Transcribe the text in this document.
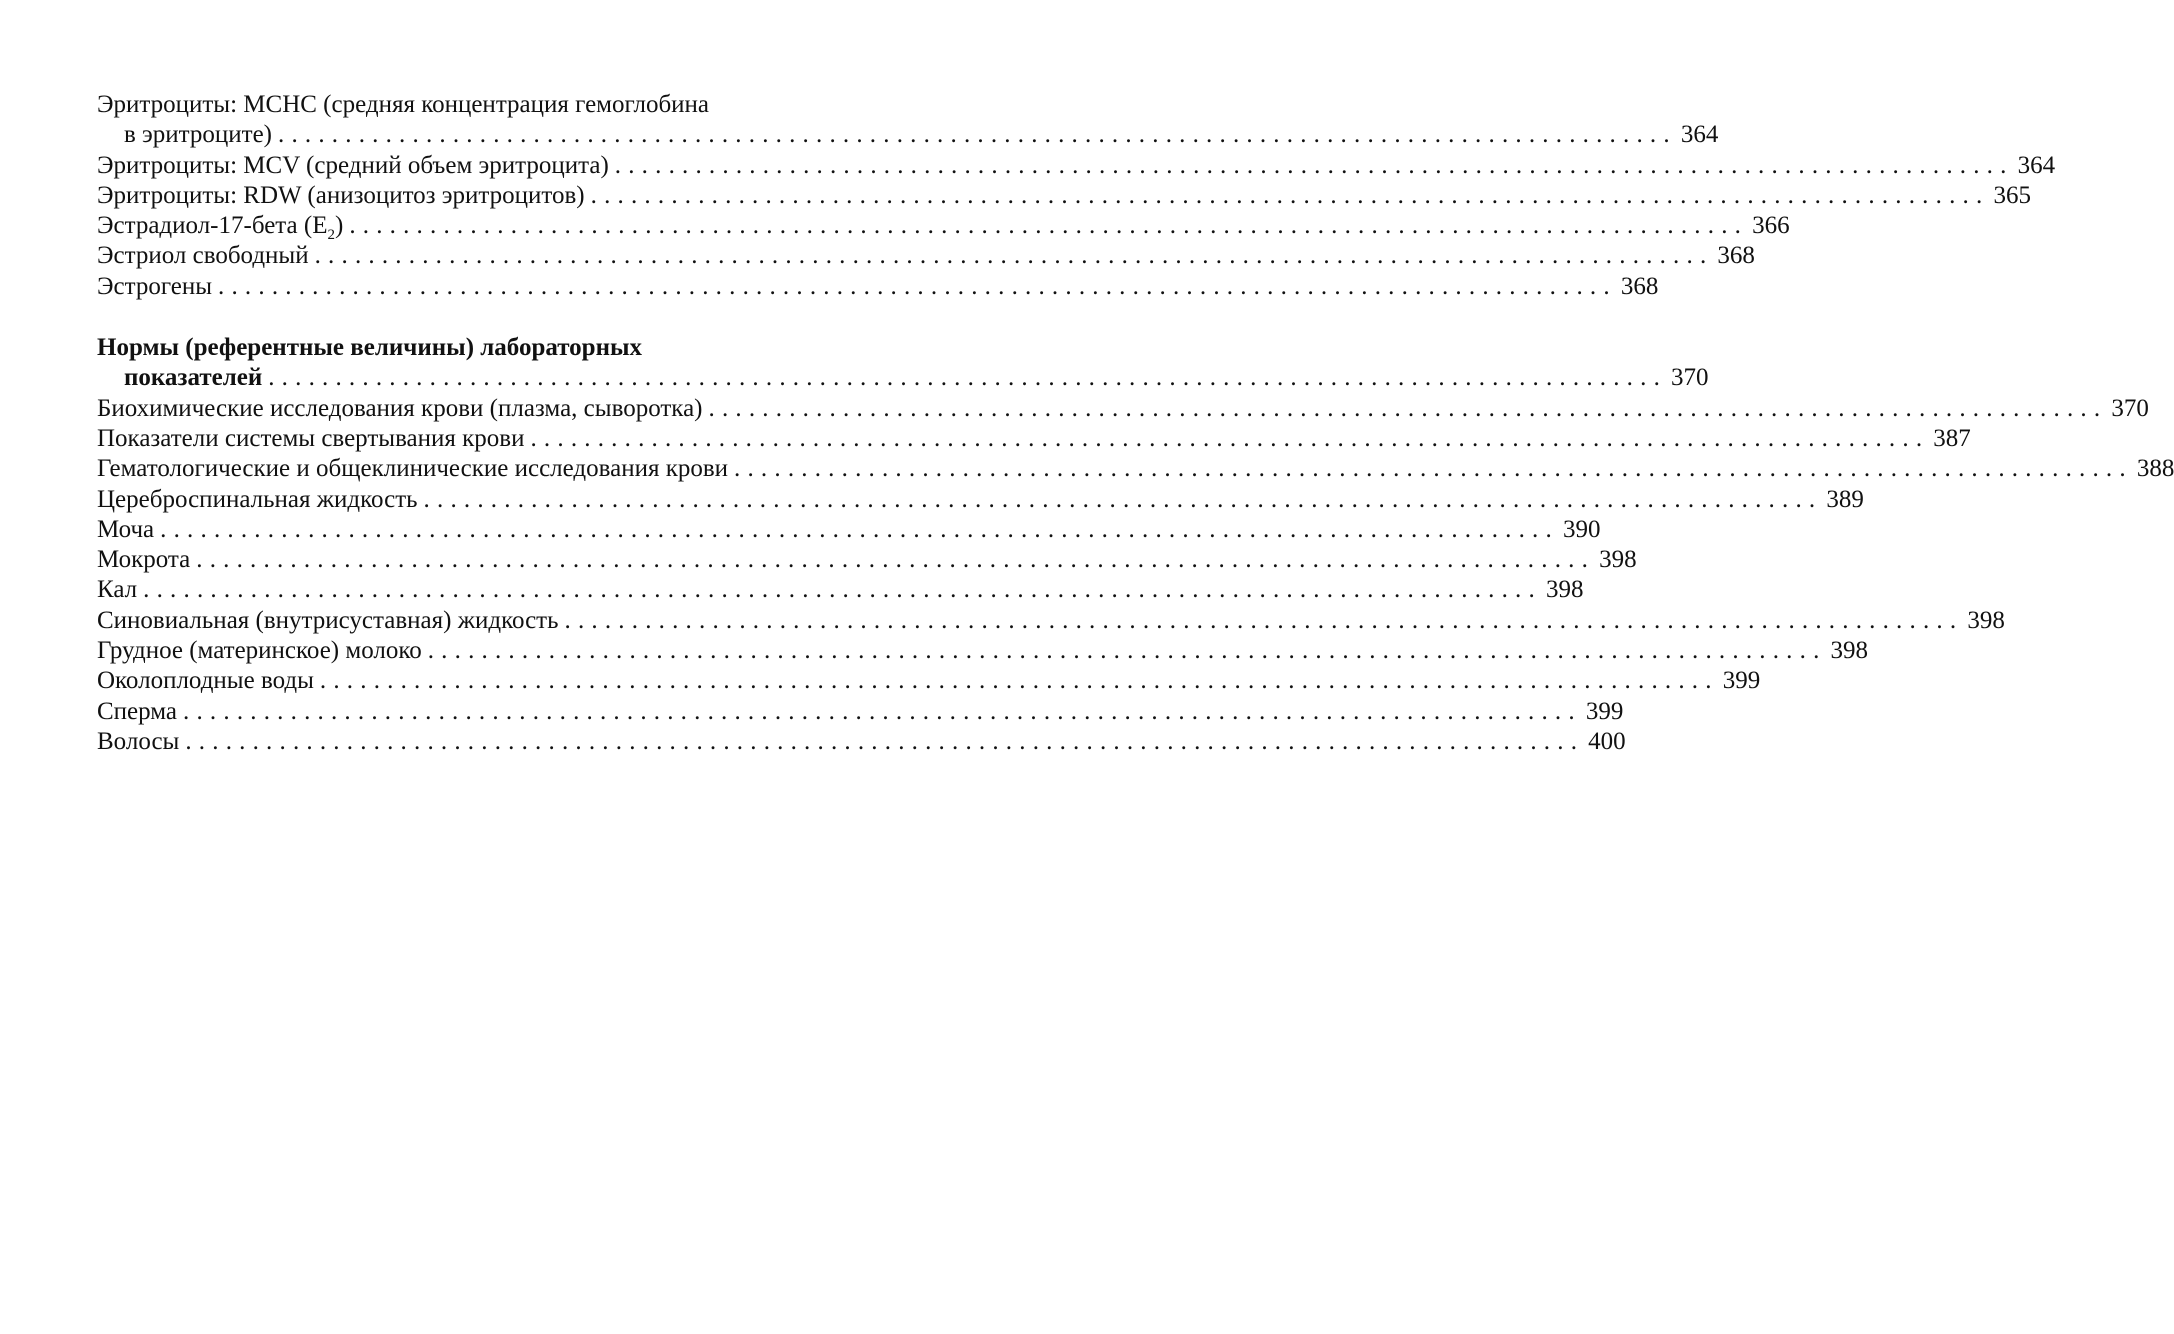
Эритроциты: МСНС (средняя концентрация гемоглобина
в эритроците) ........................................................................................................ 364
Эритроциты: MCV (средний объем эритроцита) ........................................................................................................ 364
Эритроциты: RDW (анизоцитоз эритроцитов) ........................................................................................................ 365
Эстрадиол-17-бета $(E_2)$ ........................................................................................................ 366
Эстриол свободный ........................................................................................................ 368
Эстрогены ........................................................................................................ 368
Нормы (референтные величины) лабораторных
показателей ........................................................................................................ 370
Биохимические исследования крови (плазма, сыворотка) ........................................................................................................ 370
Показатели системы свертывания крови ........................................................................................................ 387
Гематологические и общеклинические исследования крови ........................................................................................................ 388
Цереброспинальная жидкость ........................................................................................................ 389
Моча ........................................................................................................ 390
Мокрота ........................................................................................................ 398
Кал ........................................................................................................ 398
Синовиальная (внутрисуставная) жидкость ........................................................................................................ 398
Грудное (материнское) молоко ........................................................................................................ 398
Околоплодные воды ........................................................................................................ 399
Сперма ........................................................................................................ 399
Волосы ........................................................................................................ 400
